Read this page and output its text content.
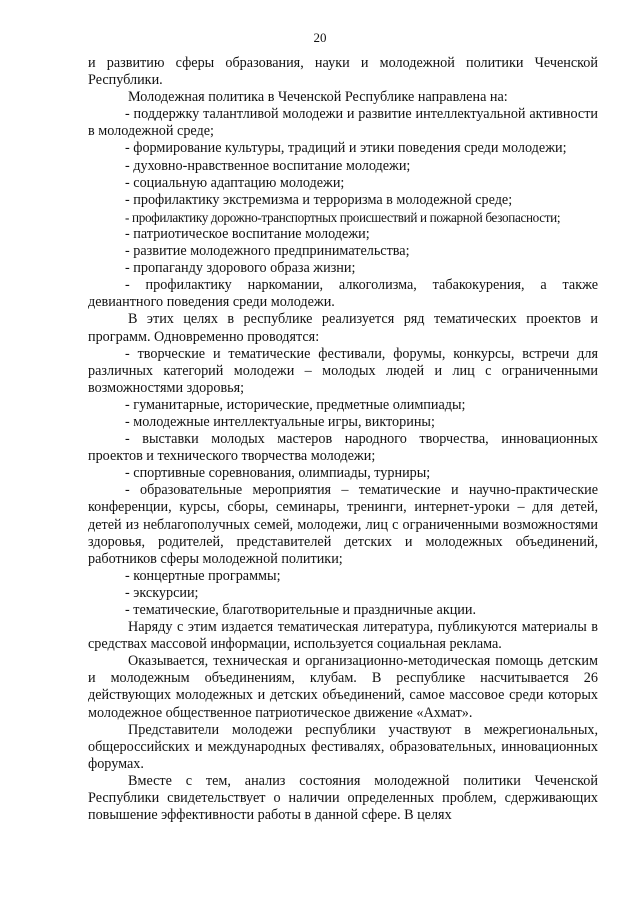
20

и развитию сферы образования, науки и молодежной политики Чеченской Республики.

Молодежная политика в Чеченской Республике направлена на:

- поддержку талантливой молодежи и развитие интеллектуальной активности в молодежной среде;

- формирование культуры, традиций и этики поведения среди молодежи;

- духовно-нравственное воспитание молодежи;

- социальную адаптацию молодежи;

- профилактику экстремизма и терроризма в молодежной среде;

- профилактику дорожно-транспортных происшествий и пожарной безопасности;

- патриотическое воспитание молодежи;

- развитие молодежного предпринимательства;

- пропаганду здорового образа жизни;

- профилактику наркомании, алкоголизма, табакокурения, а также девиантного поведения среди молодежи.

В этих целях в республике реализуется ряд тематических проектов и программ. Одновременно проводятся:

- творческие и тематические фестивали, форумы, конкурсы, встречи для различных категорий молодежи – молодых людей и лиц с ограниченными возможностями здоровья;

- гуманитарные, исторические, предметные олимпиады;

- молодежные интеллектуальные игры, викторины;

- выставки молодых мастеров народного творчества, инновационных проектов и технического творчества молодежи;

- спортивные соревнования, олимпиады, турниры;

- образовательные мероприятия – тематические и научно-практические конференции, курсы, сборы, семинары, тренинги, интернет-уроки – для детей, детей из неблагополучных семей, молодежи, лиц с ограниченными возможностями здоровья, родителей, представителей детских и молодежных объединений, работников сферы молодежной политики;

- концертные программы;

- экскурсии;

- тематические, благотворительные и праздничные акции.

Наряду с этим издается тематическая литература, публикуются материалы в средствах массовой информации, используется социальная реклама.

Оказывается, техническая и организационно-методическая помощь детским и молодежным объединениям, клубам. В республике насчитывается 26 действующих молодежных и детских объединений, самое массовое среди которых молодежное общественное патриотическое движение «Ахмат».

Представители молодежи республики участвуют в межрегиональных, общероссийских и международных фестивалях, образовательных, инновационных форумах.

Вместе с тем, анализ состояния молодежной политики Чеченской Республики свидетельствует о наличии определенных проблем, сдерживающих повышение эффективности работы в данной сфере. В целях
